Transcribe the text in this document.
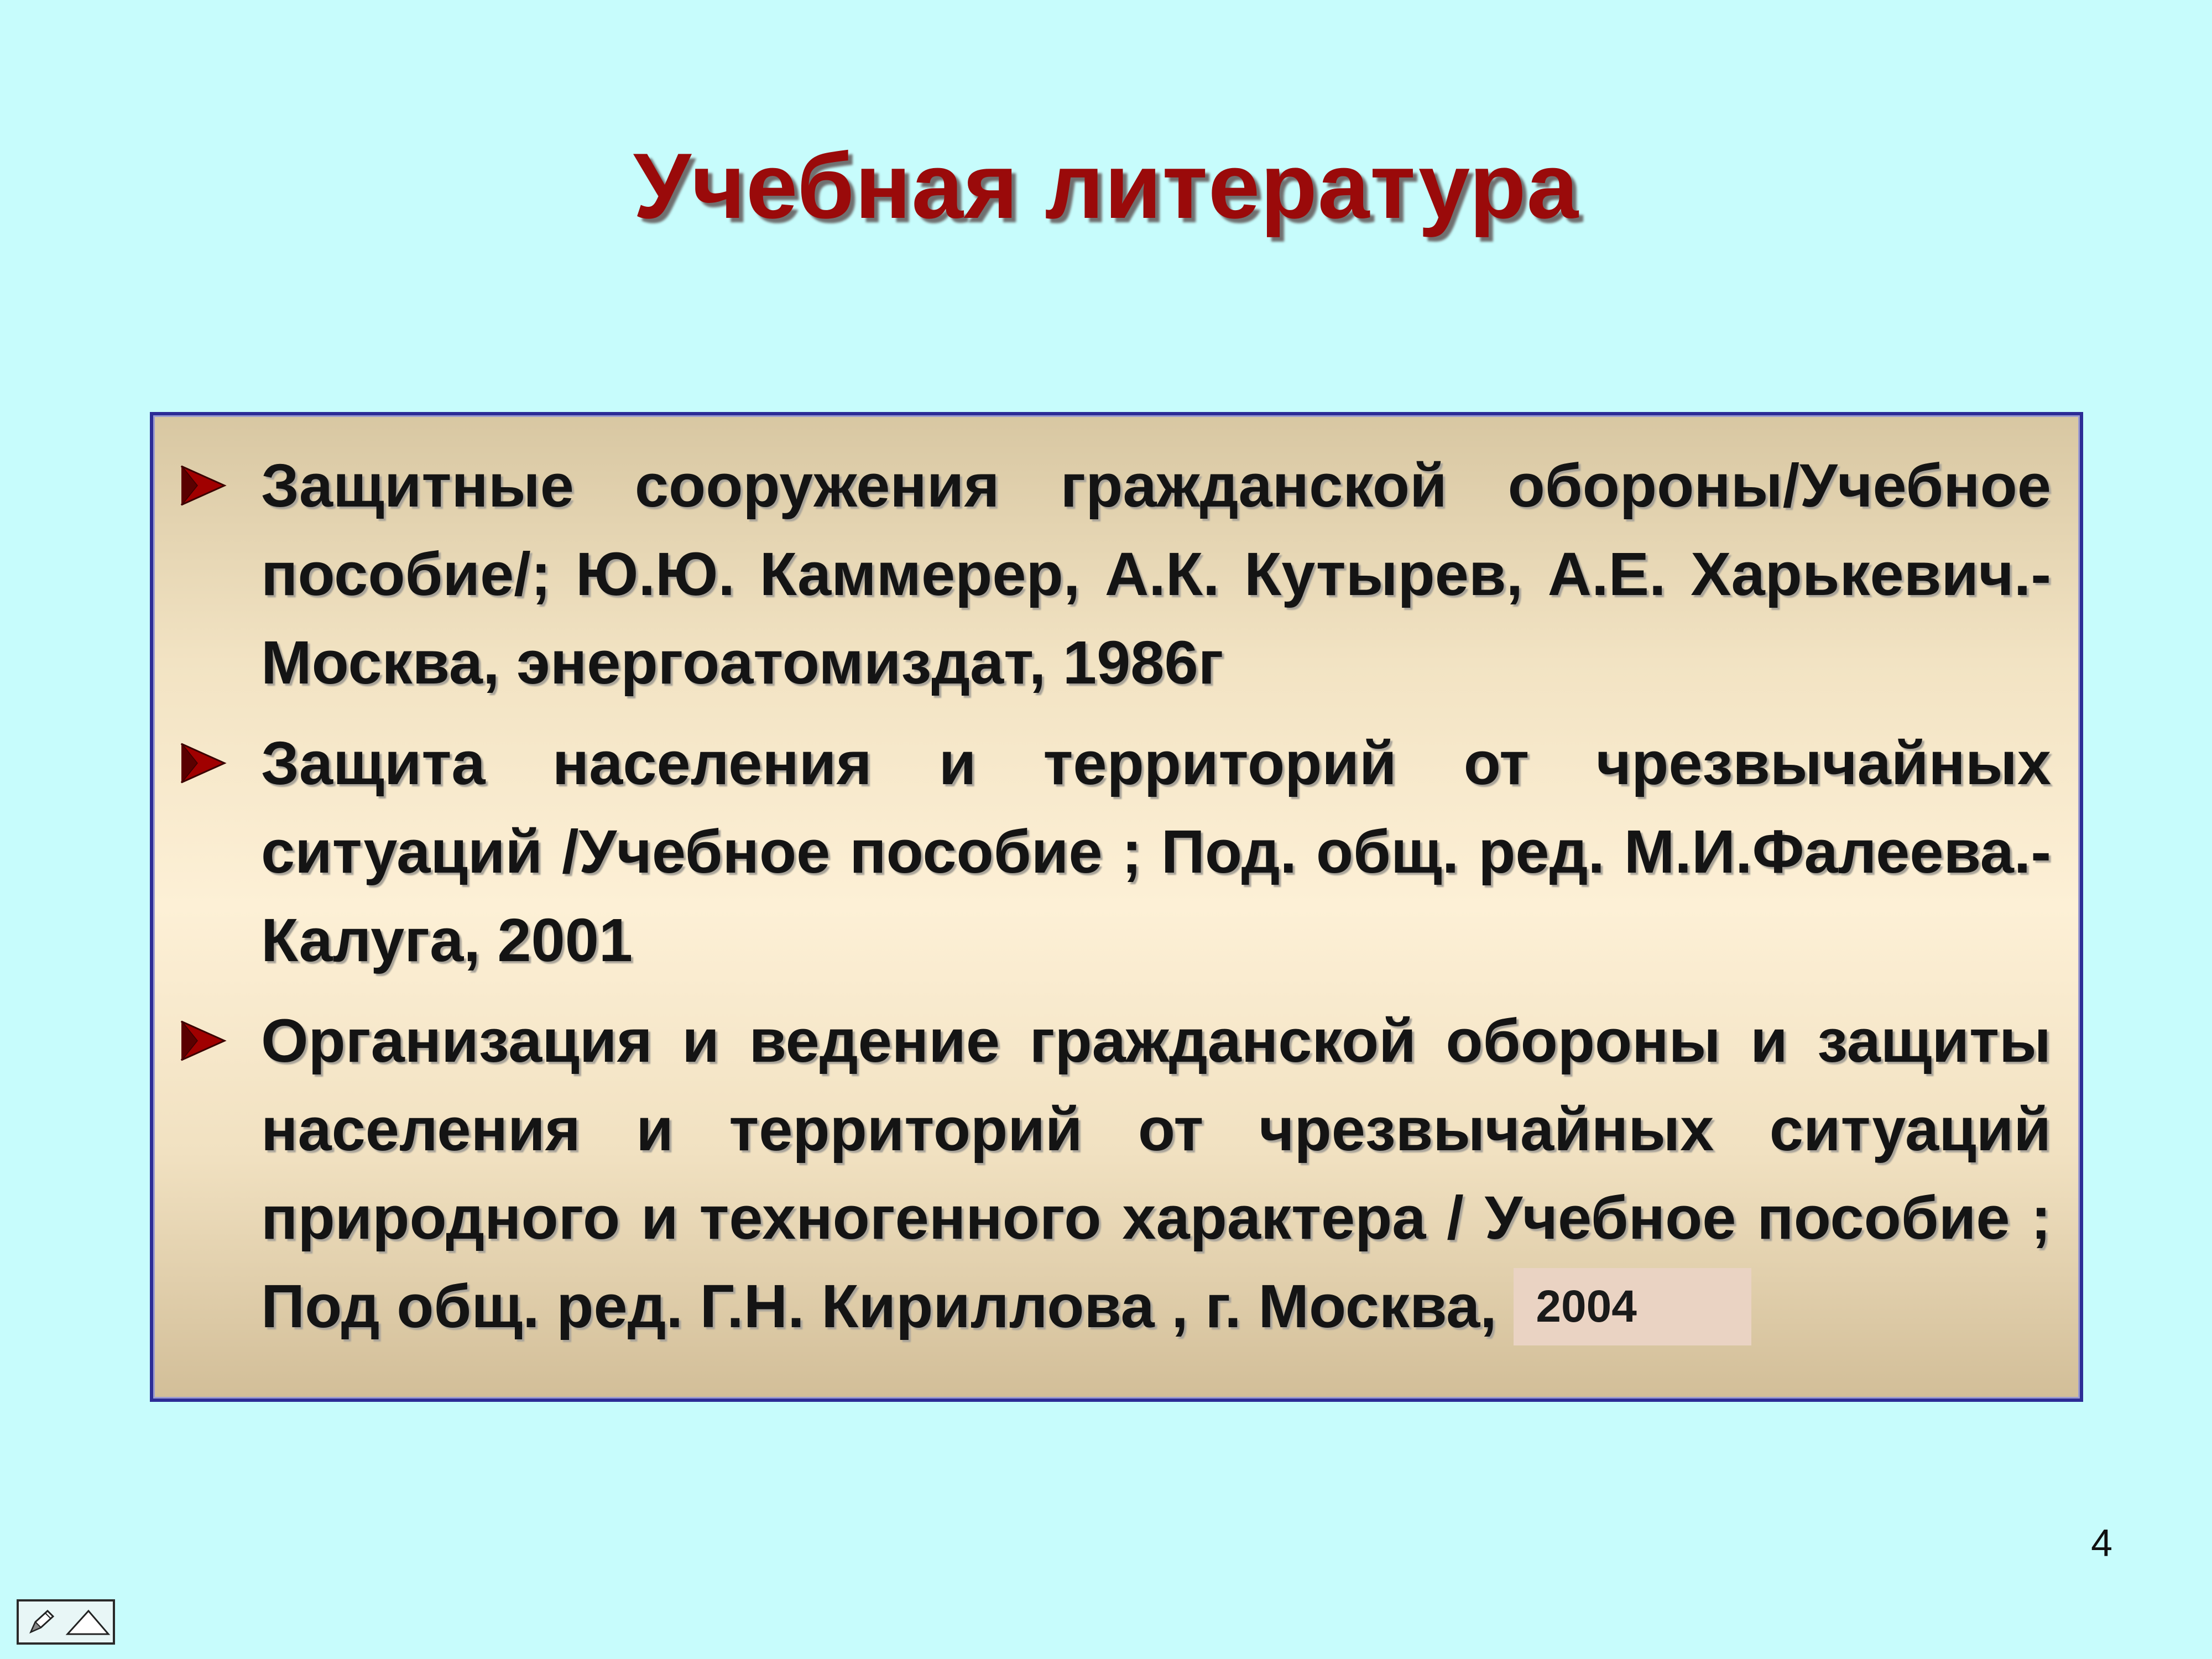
Учебная литература
Защитные сооружения гражданской обороны/Учебное пособие/; Ю.Ю. Каммерер, А.К. Кутырев, А.Е. Харькевич.- Москва, энергоатомиздат, 1986г
Защита населения и территорий от чрезвычайных ситуаций /Учебное пособие ; Под. общ. ред. М.И.Фалеева.- Калуга, 2001
Организация и ведение гражданской обороны и защиты населения и территорий от чрезвычайных ситуаций природного и техногенного характера / Учебное пособие ; Под общ. ред. Г.Н. Кириллова , г. Москва, 2004
4
